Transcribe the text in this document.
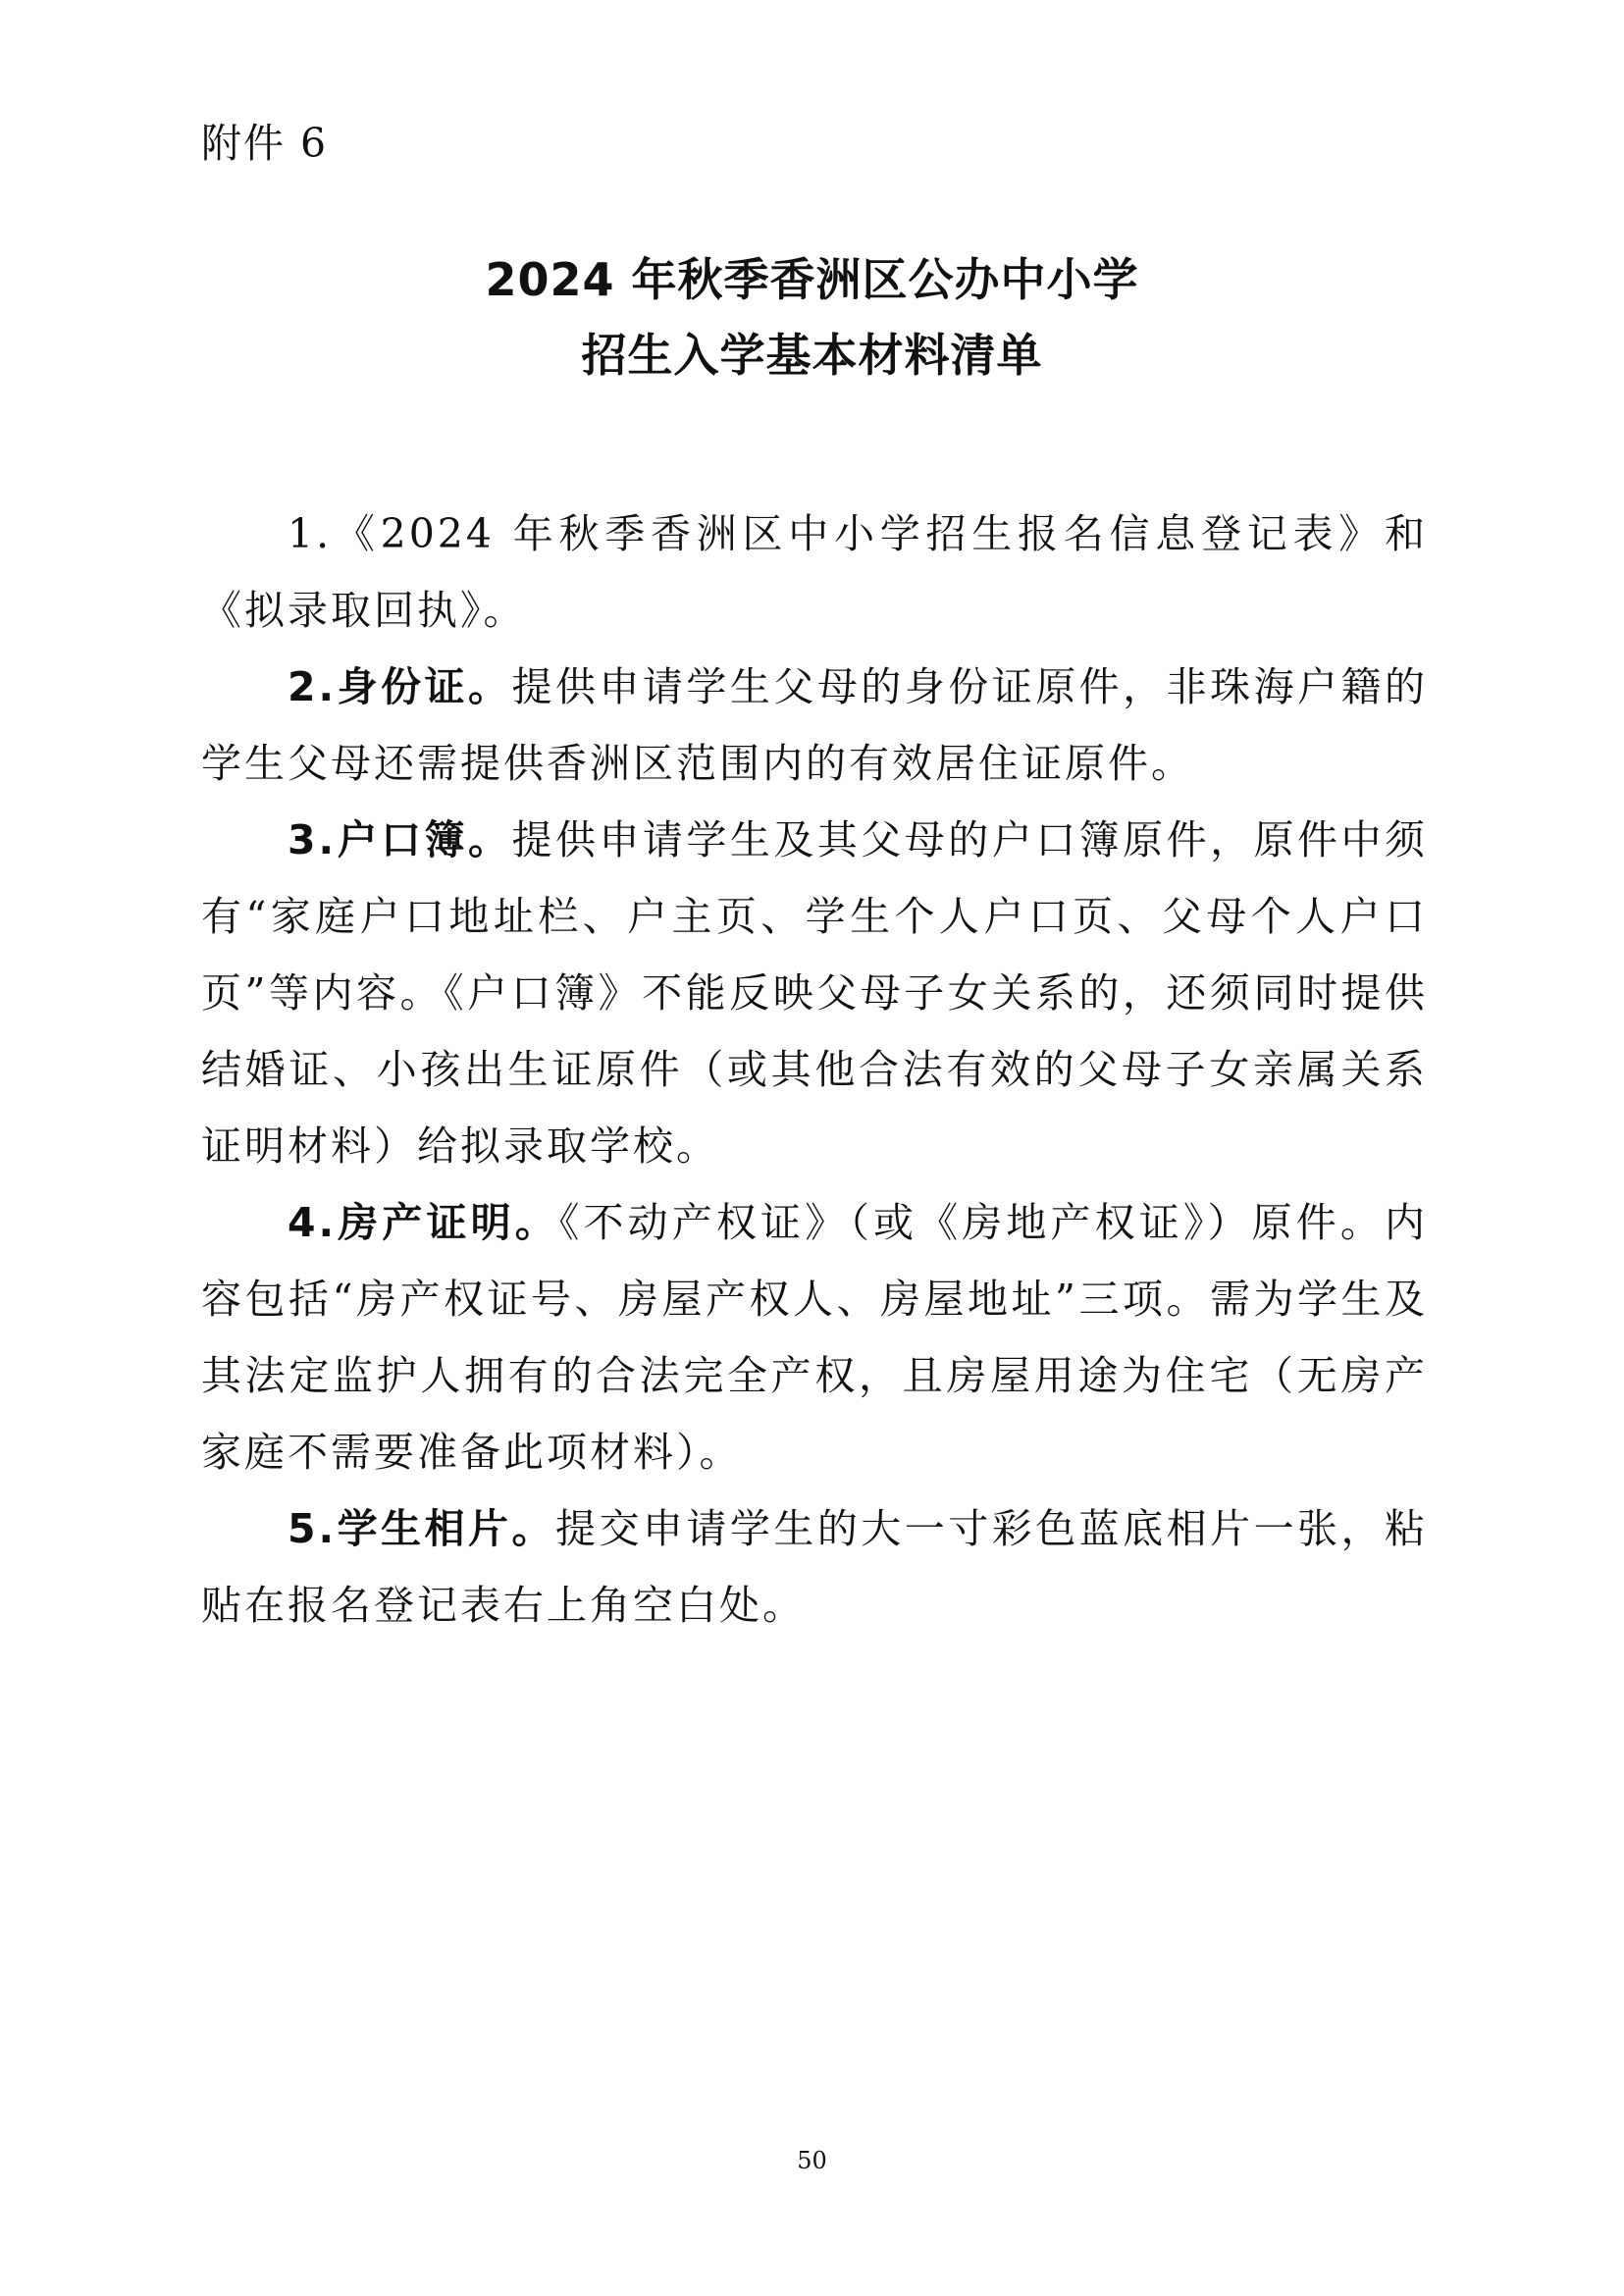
附件 6
2024 年秋季香洲区公办中小学
招生入学基本材料清单

1.《2024 年秋季香洲区中小学招生报名信息登记表》和《拟录取回执》。

2.身份证。提供申请学生父母的身份证原件，非珠海户籍的学生父母还需提供香洲区范围内的有效居住证原件。

3.户口簿。提供申请学生及其父母的户口簿原件，原件中须有“家庭户口地址栏、户主页、学生个人户口页、父母个人户口页”等内容。《户口簿》不能反映父母子女关系的，还须同时提供结婚证、小孩出生证原件（或其他合法有效的父母子女亲属关系证明材料）给拟录取学校。

4.房产证明。《不动产权证》（或《房地产权证》）原件。内容包括“房产权证号、房屋产权人、房屋地址”三项。需为学生及其法定监护人拥有的合法完全产权，且房屋用途为住宅（无房产家庭不需要准备此项材料）。

5.学生相片。提交申请学生的大一寸彩色蓝底相片一张，粘贴在报名登记表右上角空白处。

50
